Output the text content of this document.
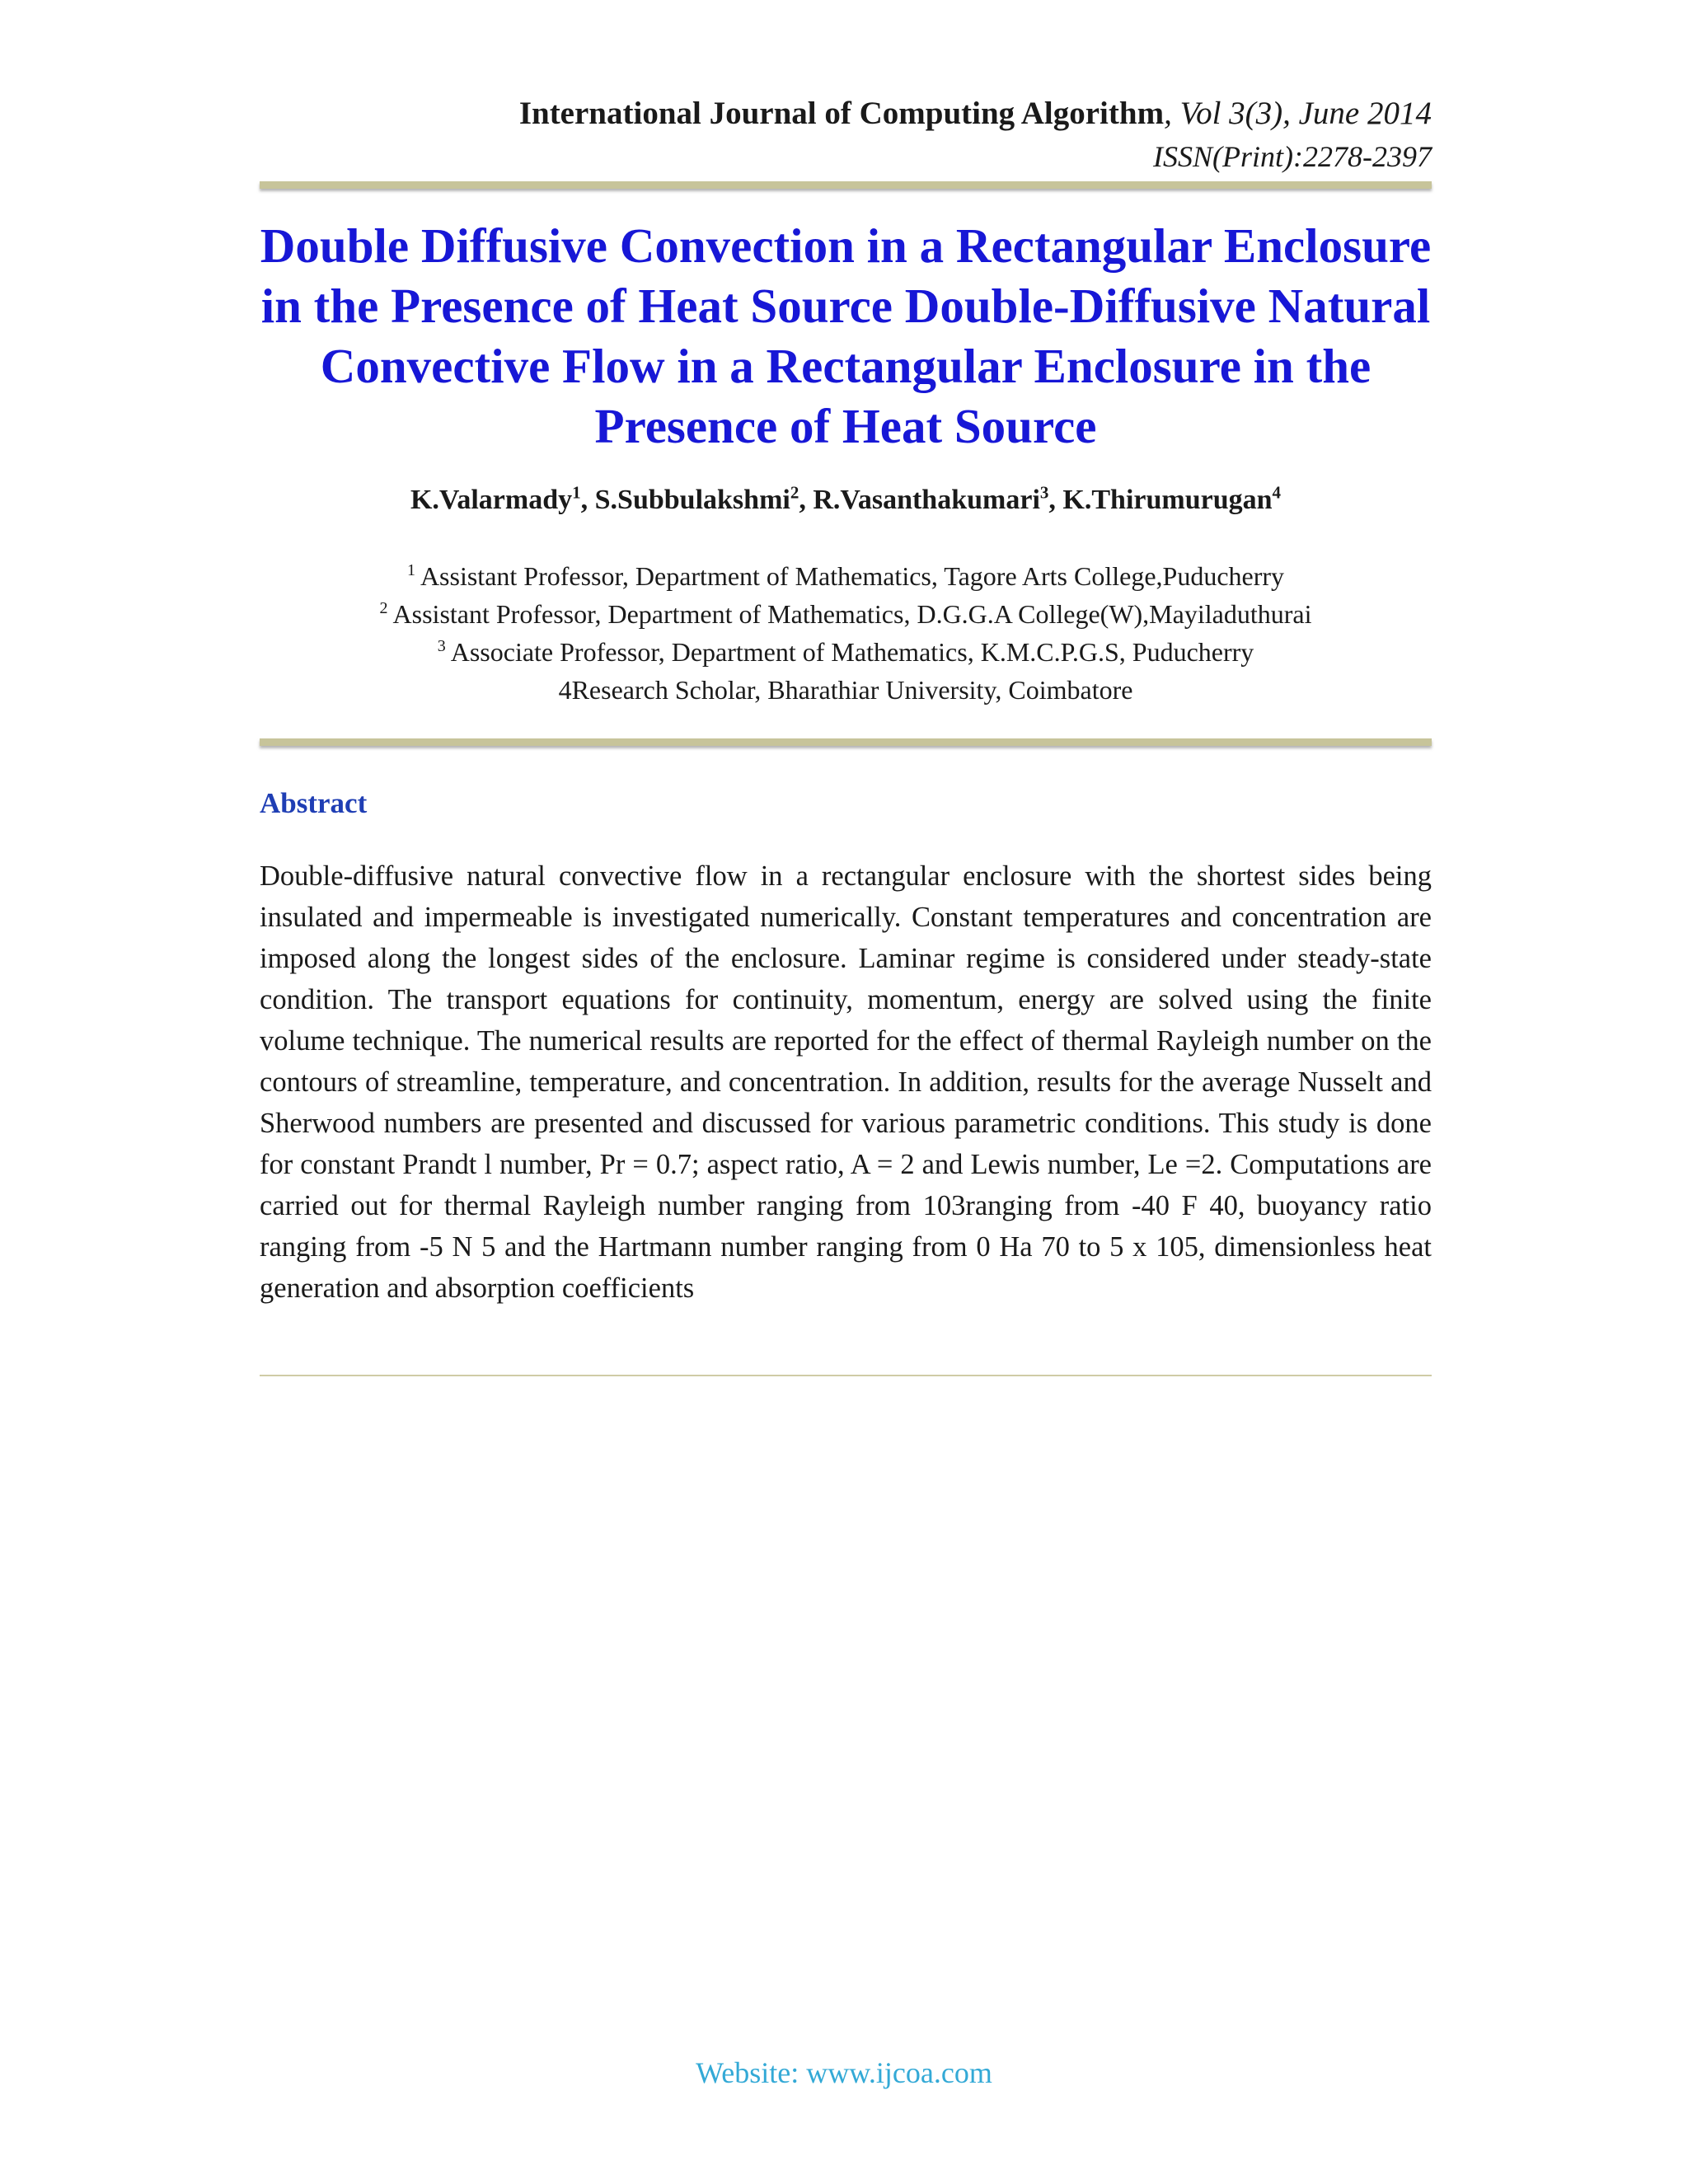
International Journal of Computing Algorithm, Vol 3(3), June 2014
ISSN(Print):2278-2397
Double Diffusive Convection in a Rectangular Enclosure in the Presence of Heat Source Double-Diffusive Natural Convective Flow in a Rectangular Enclosure in the Presence of Heat Source
K.Valarmady$^1$, S.Subbulakshmi$^2$, R.Vasanthakumari$^3$, K.Thirumurugan$^4$
$^1$ Assistant Professor, Department of Mathematics, Tagore Arts College,Puducherry
$^2$ Assistant Professor, Department of Mathematics, D.G.G.A College(W),Mayiladuthurai
$^3$ Associate Professor, Department of Mathematics, K.M.C.P.G.S, Puducherry
4Research Scholar, Bharathiar University, Coimbatore
Abstract

Double-diffusive natural convective flow in a rectangular enclosure with the shortest sides being insulated and impermeable is investigated numerically. Constant temperatures and concentration are imposed along the longest sides of the enclosure. Laminar regime is considered under steady-state condition. The transport equations for continuity, momentum, energy are solved using the finite volume technique. The numerical results are reported for the effect of thermal Rayleigh number on the contours of streamline, temperature, and concentration. In addition, results for the average Nusselt and Sherwood numbers are presented and discussed for various parametric conditions. This study is done for constant Prandt l number, Pr = 0.7; aspect ratio, A = 2 and Lewis number, Le =2. Computations are carried out for thermal Rayleigh number ranging from 103ranging from -40 F 40, buoyancy ratio ranging from -5 N 5 and the Hartmann number ranging from 0 Ha 70 to 5 x 105, dimensionless heat generation and absorption coefficients

Website: www.ijcoa.com
